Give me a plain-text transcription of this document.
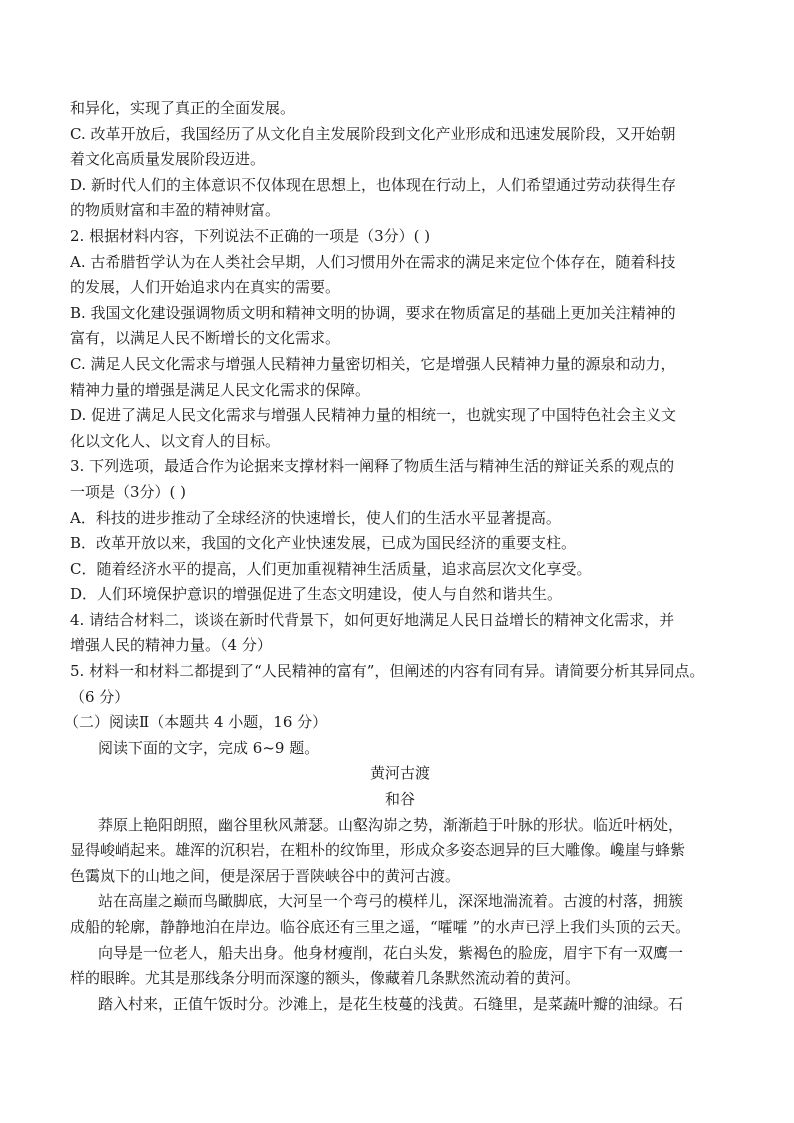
和异化，实现了真正的全面发展。
C. 改革开放后，我国经历了从文化自主发展阶段到文化产业形成和迅速发展阶段，又开始朝
着文化高质量发展阶段迈进。
D. 新时代人们的主体意识不仅体现在思想上，也体现在行动上，人们希望通过劳动获得生存
的物质财富和丰盈的精神财富。
2. 根据材料内容，下列说法不正确的一项是（3分）( )
A. 古希腊哲学认为在人类社会早期，人们习惯用外在需求的满足来定位个体存在，随着科技
的发展，人们开始追求内在真实的需要。
B. 我国文化建设强调物质文明和精神文明的协调，要求在物质富足的基础上更加关注精神的
富有，以满足人民不断增长的文化需求。
C. 满足人民文化需求与增强人民精神力量密切相关，它是增强人民精神力量的源泉和动力，
精神力量的增强是满足人民文化需求的保障。
D. 促进了满足人民文化需求与增强人民精神力量的相统一，也就实现了中国特色社会主义文
化以文化人、以文育人的目标。
3. 下列选项，最适合作为论据来支撑材料一阐释了物质生活与精神生活的辩证关系的观点的
一项是（3分）( )
A．科技的进步推动了全球经济的快速增长，使人们的生活水平显著提高。
B．改革开放以来，我国的文化产业快速发展，已成为国民经济的重要支柱。
C．随着经济水平的提高，人们更加重视精神生活质量，追求高层次文化享受。
D．人们环境保护意识的增强促进了生态文明建设，使人与自然和谐共生。
4. 请结合材料二，谈谈在新时代背景下，如何更好地满足人民日益增长的精神文化需求，并
增强人民的精神力量。（4 分）
5. 材料一和材料二都提到了“人民精神的富有”，但阐述的内容有同有异。请简要分析其异同点。
（6 分）
（二）阅读Ⅱ（本题共 4 小题，16 分）
阅读下面的文字，完成 6~9 题。
黄河古渡
和谷
莽原上艳阳朗照，幽谷里秋风萧瑟。山壑沟峁之势，渐渐趋于叶脉的形状。临近叶柄处，
显得峻峭起来。雄浑的沉积岩，在粗朴的纹饰里，形成众多姿态迥异的巨大雕像。巉崖与蜂紫
色霭岚下的山地之间，便是深居于晋陕峡谷中的黄河古渡。
站在高崖之巅而鸟瞰脚底，大河呈一个弯弓的模样儿，深深地湍流着。古渡的村落，拥簇
成船的轮廓，静静地泊在岸边。临谷底还有三里之遥，“嚯嚯 ”的水声已浮上我们头顶的云天。
向导是一位老人，船夫出身。他身材瘦削，花白头发，紫褐色的脸庞，眉宇下有一双鹰一
样的眼眸。尤其是那线条分明而深邃的额头，像藏着几条默然流动着的黄河。
踏入村来，正值午饭时分。沙滩上，是花生枝蔓的浅黄。石缝里，是菜蔬叶瓣的油绿。石
